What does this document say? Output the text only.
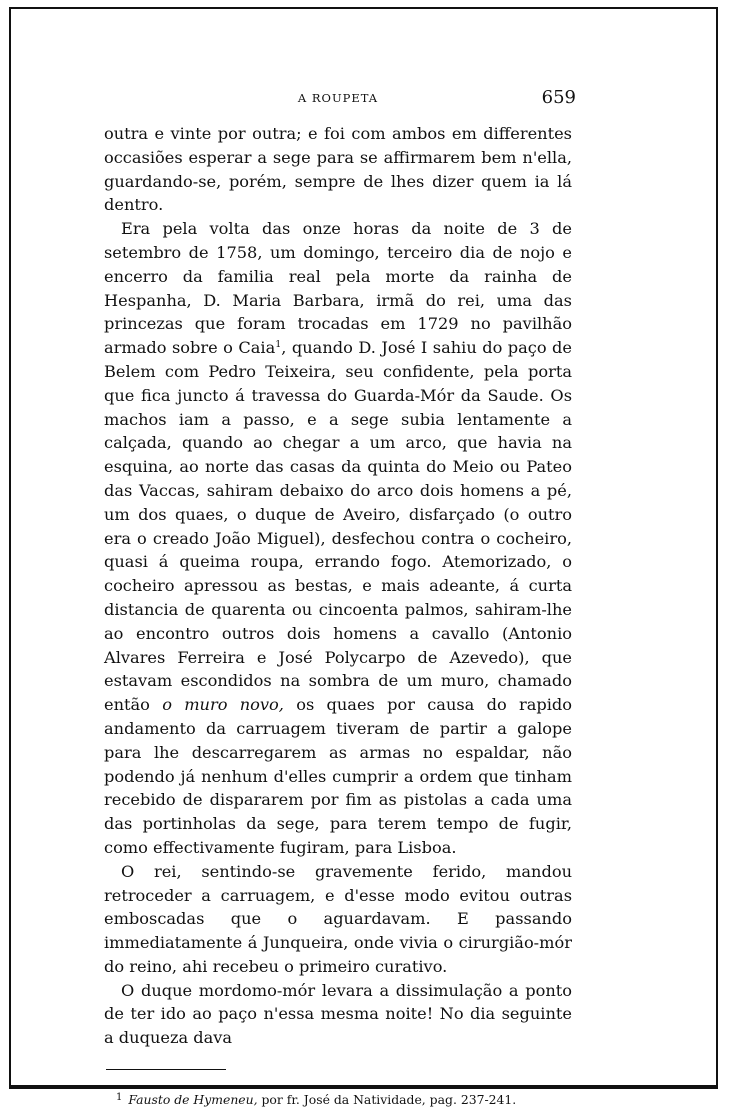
A ROUPETA	659

outra e vinte por outra; e foi com ambos em differentes occasiões esperar a sege para se affirmarem bem n'ella, guardando-se, porém, sempre de lhes dizer quem ia lá dentro.

Era pela volta das onze horas da noite de 3 de setembro de 1758, um domingo, terceiro dia de nojo e encerro da familia real pela morte da rainha de Hespanha, D. Maria Barbara, irmã do rei, uma das princezas que foram trocadas em 1729 no pavilhão armado sobre o Caia$^1$, quando D. José I sahiu do paço de Belem com Pedro Teixeira, seu confidente, pela porta que fica juncto á travessa do Guarda-Mór da Saude. Os machos iam a passo, e a sege subia lentamente a calçada, quando ao chegar a um arco, que havia na esquina, ao norte das casas da quinta do Meio ou Pateo das Vaccas, sahiram debaixo do arco dois homens a pé, um dos quaes, o duque de Aveiro, disfarçado (o outro era o creado João Miguel), desfechou contra o cocheiro, quasi á queima roupa, errando fogo. Atemorizado, o cocheiro apressou as bestas, e mais adeante, á curta distancia de quarenta ou cincoenta palmos, sahiram-lhe ao encontro outros dois homens a cavallo (Antonio Alvares Ferreira e José Polycarpo de Azevedo), que estavam escondidos na sombra de um muro, chamado então o muro novo, os quaes por causa do rapido andamento da carruagem tiveram de partir a galope para lhe descarregarem as armas no espaldar, não podendo já nenhum d'elles cumprir a ordem que tinham recebido de dispararem por fim as pistolas a cada uma das portinholas da sege, para terem tempo de fugir, como effectivamente fugiram, para Lisboa.

O rei, sentindo-se gravemente ferido, mandou retroceder a carruagem, e d'esse modo evitou outras emboscadas que o aguardavam. E passando immediatamente á Junqueira, onde vivia o cirurgião-mór do reino, ahi recebeu o primeiro curativo.

O duque mordomo-mór levara a dissimulação a ponto de ter ido ao paço n'essa mesma noite! No dia seguinte a duqueza dava

$^1$ Fausto de Hymeneu, por fr. José da Natividade, pag. 237-241.
